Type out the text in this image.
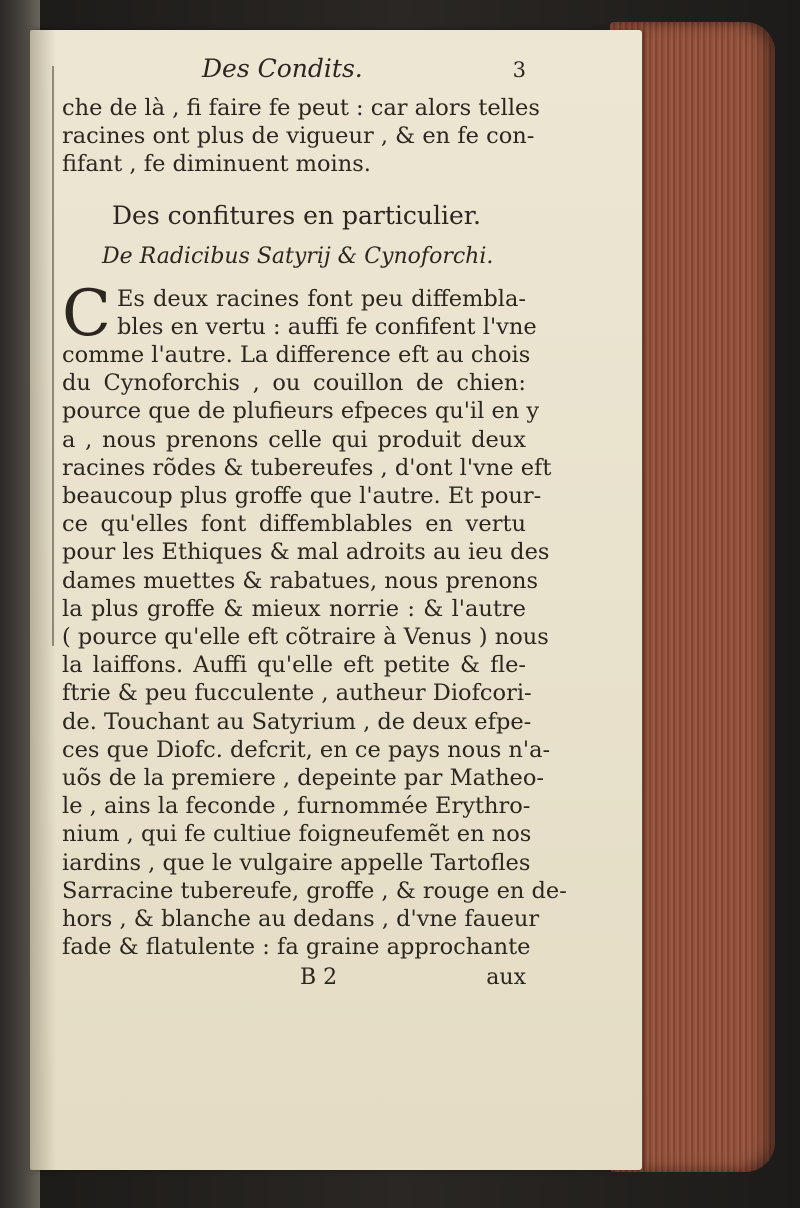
Des Condits.	3
che de là , fi faire fe peut : car alors telles
racines ont plus de vigueur , & en fe con-
fifant , fe diminuent moins.
Des confitures en particulier.
De Radicibus Satyrij & Cynoforchi.
C Es deux racines font peu diffembla-
bles en vertu : auffi fe confifent l'vne
comme l'autre. La difference eft au chois
du Cynoforchis , ou couillon de chien:
pource que de plufieurs efpeces qu'il en y
a , nous prenons celle qui produit deux
racines rõdes & tubereufes , d'ont l'vne eft
beaucoup plus groffe que l'autre. Et pour-
ce qu'elles font diffemblables en vertu
pour les Ethiques & mal adroits au ieu des
dames muettes & rabatues, nous prenons
la plus groffe & mieux norrie : & l'autre
( pource qu'elle eft cõtraire à Venus ) nous
la laiffons. Auffi qu'elle eft petite & fle-
ftrie & peu fucculente , autheur Diofcori-
de. Touchant au Satyrium , de deux efpe-
ces que Diofc. defcrit, en ce pays nous n'a-
uõs de la premiere , depeinte par Matheo-
le , ains la feconde , furnommée Erythro-
nium , qui fe cultiue foigneufemẽt en nos
iardins , que le vulgaire appelle Tartofles
Sarracine tubereufe, groffe , & rouge en de-
hors , & blanche au dedans , d'vne faueur
fade & flatulente : fa graine approchante
B 2	aux
